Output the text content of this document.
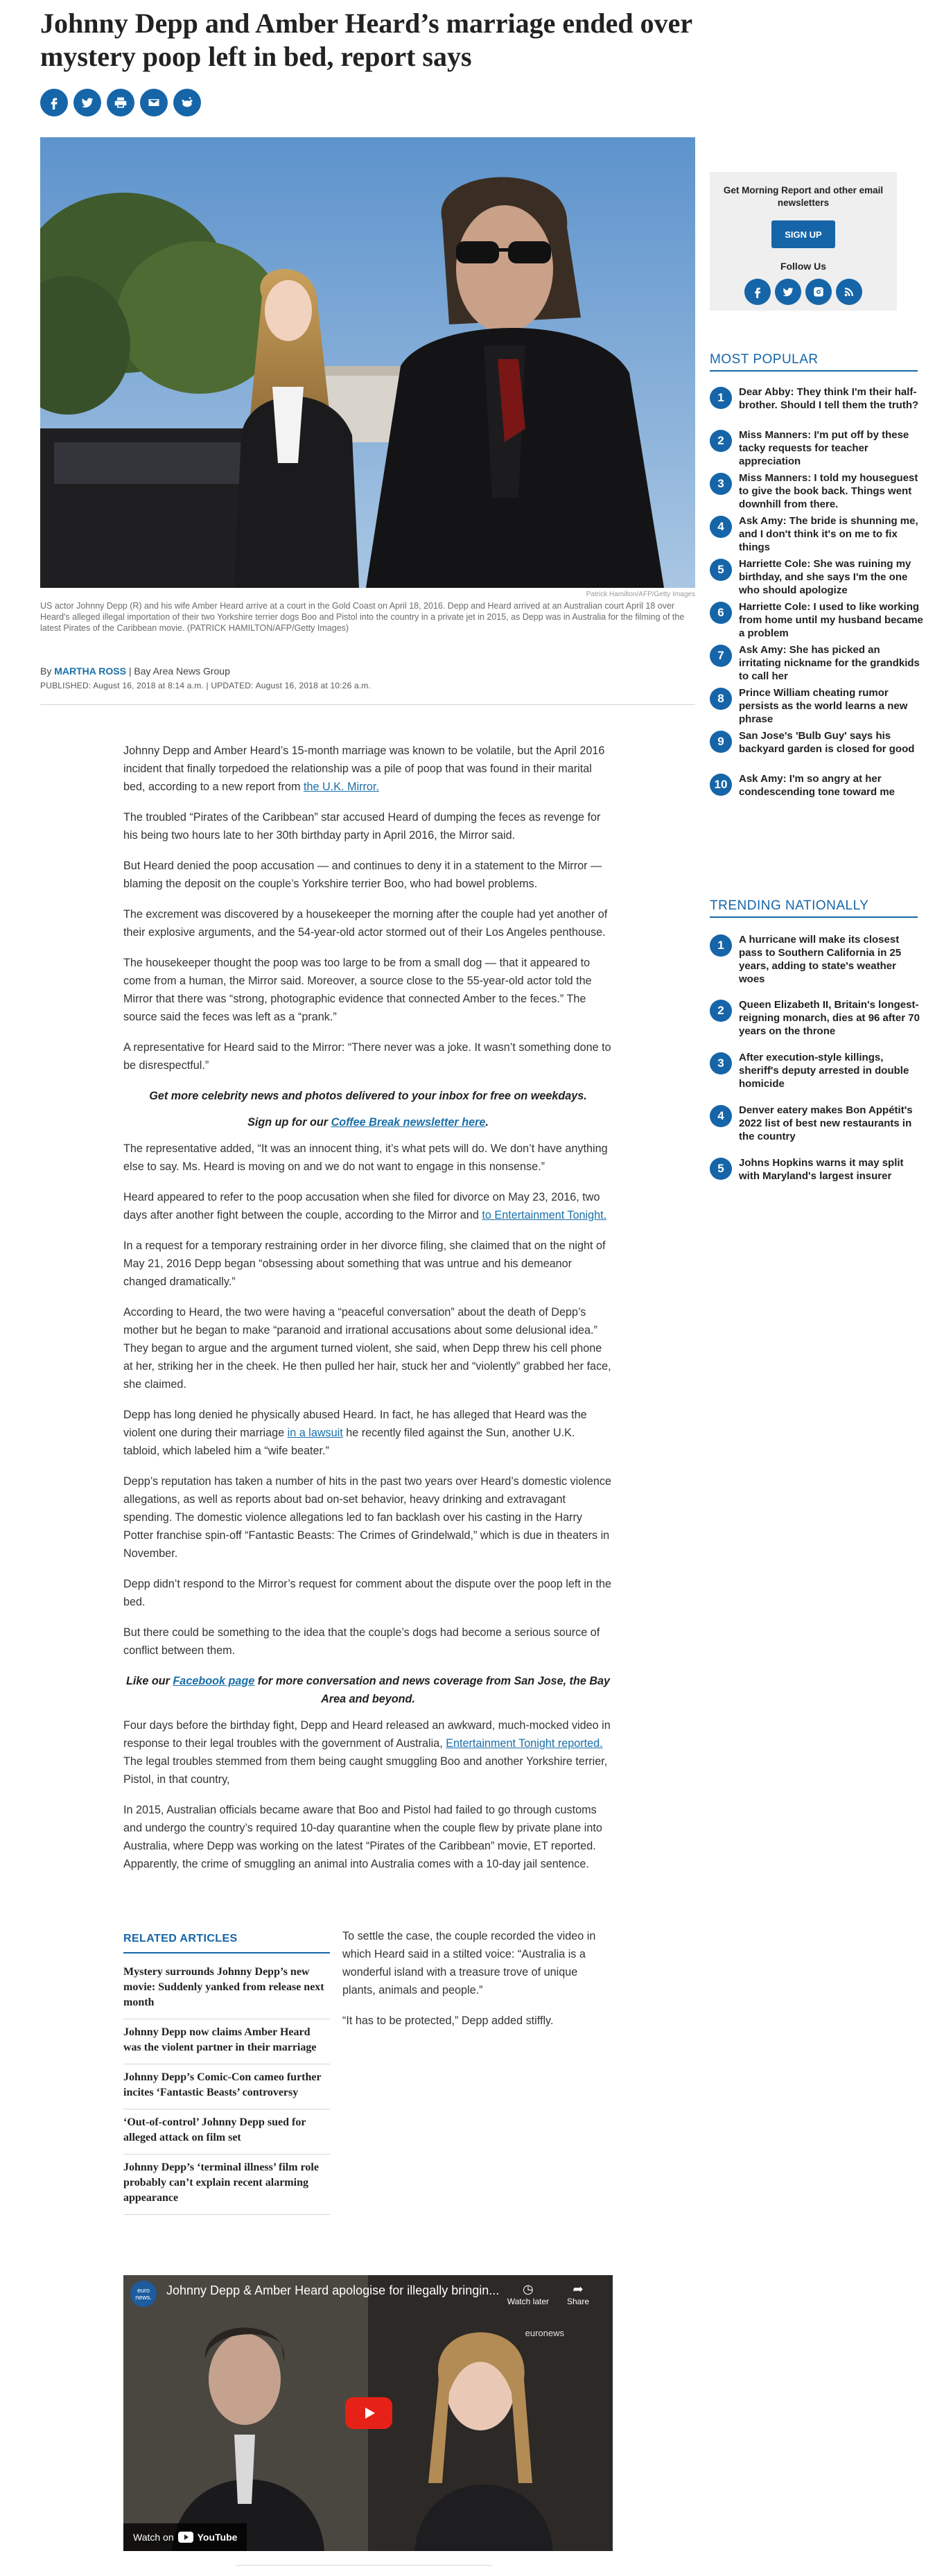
Johnny Depp and Amber Heard’s marriage ended over mystery poop left in bed, report says
Patrick Hamilton/AFP/Getty Images
US actor Johnny Depp (R) and his wife Amber Heard arrive at a court in the Gold Coast on April 18, 2016. Depp and Heard arrived at an Australian court April 18 over Heard's alleged illegal importation of their two Yorkshire terrier dogs Boo and Pistol into the country in a private jet in 2015, as Depp was in Australia for the filming of the latest Pirates of the Caribbean movie. (PATRICK HAMILTON/AFP/Getty Images)
By MARTHA ROSS | Bay Area News Group
PUBLISHED: August 16, 2018 at 8:14 a.m. | UPDATED: August 16, 2018 at 10:26 a.m.

Johnny Depp and Amber Heard’s 15-month marriage was known to be volatile, but the April 2016 incident that finally torpedoed the relationship was a pile of poop that was found in their marital bed, according to a new report from the U.K. Mirror.

The troubled “Pirates of the Caribbean” star accused Heard of dumping the feces as revenge for his being two hours late to her 30th birthday party in April 2016, the Mirror said.

But Heard denied the poop accusation — and continues to deny it in a statement to the Mirror — blaming the deposit on the couple’s Yorkshire terrier Boo, who had bowel problems.

The excrement was discovered by a housekeeper the morning after the couple had yet another of their explosive arguments, and the 54-year-old actor stormed out of their Los Angeles penthouse.

The housekeeper thought the poop was too large to be from a small dog — that it appeared to come from a human, the Mirror said. Moreover, a source close to the 55-year-old actor told the Mirror that there was “strong, photographic evidence that connected Amber to the feces.” The source said the feces was left as a “prank.”

A representative for Heard said to the Mirror: “There never was a joke. It wasn’t something done to be disrespectful.”

Get more celebrity news and photos delivered to your inbox for free on weekdays.

Sign up for our Coffee Break newsletter here.

The representative added, “It was an innocent thing, it’s what pets will do. We don’t have anything else to say. Ms. Heard is moving on and we do not want to engage in this nonsense.”

Heard appeared to refer to the poop accusation when she filed for divorce on May 23, 2016, two days after another fight between the couple, according to the Mirror and to Entertainment Tonight.

In a request for a temporary restraining order in her divorce filing, she claimed that on the night of May 21, 2016 Depp began “obsessing about something that was untrue and his demeanor changed dramatically.”

According to Heard, the two were having a “peaceful conversation” about the death of Depp’s mother but he began to make “paranoid and irrational accusations about some delusional idea.” They began to argue and the argument turned violent, she said, when Depp threw his cell phone at her, striking her in the cheek. He then pulled her hair, stuck her and “violently” grabbed her face, she claimed.

Depp has long denied he physically abused Heard. In fact, he has alleged that Heard was the violent one during their marriage in a lawsuit he recently filed against the Sun, another U.K. tabloid, which labeled him a “wife beater.”

Depp’s reputation has taken a number of hits in the past two years over Heard’s domestic violence allegations, as well as reports about bad on-set behavior, heavy drinking and extravagant spending. The domestic violence allegations led to fan backlash over his casting in the Harry Potter franchise spin-off “Fantastic Beasts: The Crimes of Grindelwald,” which is due in theaters in November.

Depp didn’t respond to the Mirror’s request for comment about the dispute over the poop left in the bed.

But there could be something to the idea that the couple’s dogs had become a serious source of conflict between them.

Like our Facebook page for more conversation and news coverage from San Jose, the Bay Area and beyond.

Four days before the birthday fight, Depp and Heard released an awkward, much-mocked video in response to their legal troubles with the government of Australia, Entertainment Tonight reported. The legal troubles stemmed from them being caught smuggling Boo and another Yorkshire terrier, Pistol, in that country,

In 2015, Australian officials became aware that Boo and Pistol had failed to go through customs and undergo the country’s required 10-day quarantine when the couple flew by private plane into Australia, where Depp was working on the latest “Pirates of the Caribbean” movie, ET reported. Apparently, the crime of smuggling an animal into Australia comes with a 10-day jail sentence.

RELATED ARTICLES
Mystery surrounds Johnny Depp’s new movie: Suddenly yanked from release next month
Johnny Depp now claims Amber Heard was the violent partner in their marriage
Johnny Depp’s Comic-Con cameo further incites ‘Fantastic Beasts’ controversy
‘Out-of-control’ Johnny Depp sued for alleged attack on film set
Johnny Depp’s ‘terminal illness’ film role probably can’t explain recent alarming appearance

To settle the case, the couple recorded the video in which Heard said in a stilted voice: “Australia is a wonderful island with a treasure trove of unique plants, animals and people.”

“It has to be protected,” Depp added stiffly.

euro news.	Johnny Depp & Amber Heard apologise for illegally bringin...	◷
Watch later
➦
Share
euronews
Watch on YouTube
Get Morning Report and other email newsletters
SIGN UP
Follow Us
MOST POPULAR
1	Dear Abby: They think I'm their half-brother. Should I tell them the truth?
2	Miss Manners: I'm put off by these tacky requests for teacher appreciation
3	Miss Manners: I told my houseguest to give the book back. Things went downhill from there.
4	Ask Amy: The bride is shunning me, and I don't think it's on me to fix things
5	Harriette Cole: She was ruining my birthday, and she says I'm the one who should apologize
6	Harriette Cole: I used to like working from home until my husband became a problem
7	Ask Amy: She has picked an irritating nickname for the grandkids to call her
8	Prince William cheating rumor persists as the world learns a new phrase
9	San Jose's 'Bulb Guy' says his backyard garden is closed for good
10	Ask Amy: I'm so angry at her condescending tone toward me
TRENDING NATIONALLY
1	A hurricane will make its closest pass to Southern California in 25 years, adding to state's weather woes
2	Queen Elizabeth II, Britain's longest-reigning monarch, dies at 96 after 70 years on the throne
3	After execution-style killings, sheriff's deputy arrested in double homicide
4	Denver eatery makes Bon Appétit's 2022 list of best new restaurants in the country
5	Johns Hopkins warns it may split with Maryland's largest insurer
